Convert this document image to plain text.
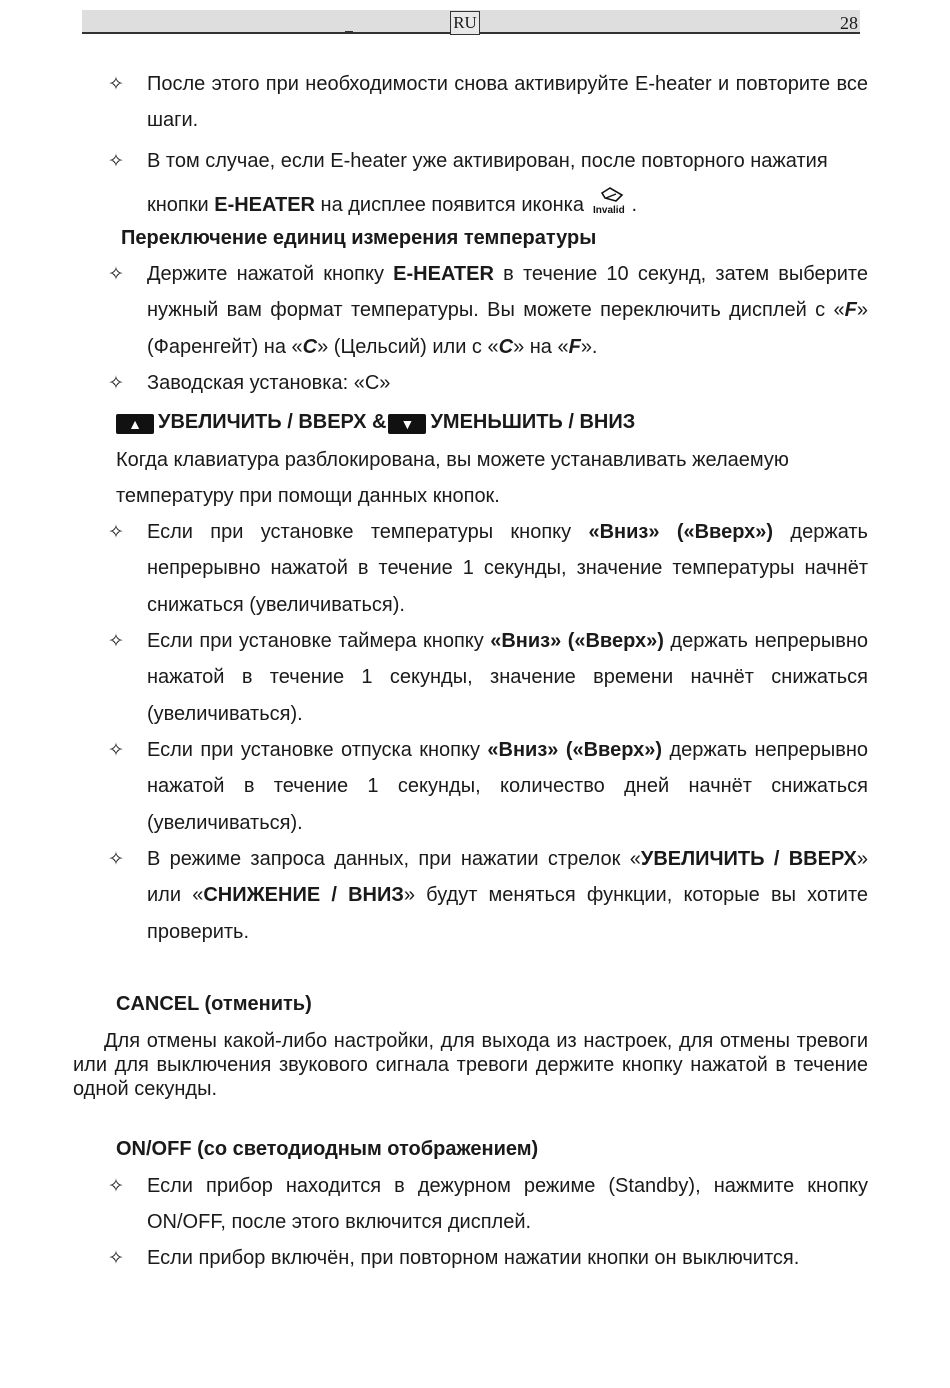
RU	28
✧ После этого при необходимости снова активируйте E-heater и повторите все шаги.
✧ В том случае, если E-heater уже активирован, после повторного нажатия кнопки E-HEATER на дисплее появится иконка Invalid .
Переключение единиц измерения температуры
✧ Держите нажатой кнопку E-HEATER в течение 10 секунд, затем выберите нужный вам формат температуры. Вы можете переключить дисплей с «F» (Фаренгейт) на «C» (Цельсий) или с «C» на «F».
✧ Заводская установка: «С»
▲ УВЕЛИЧИТЬ / ВВЕРХ & ▼ УМЕНЬШИТЬ / ВНИЗ
Когда клавиатура разблокирована, вы можете устанавливать желаемую температуру при помощи данных кнопок.
✧ Если при установке температуры кнопку «Вниз» («Вверх») держать непрерывно нажатой в течение 1 секунды, значение температуры начнёт снижаться (увеличиваться).
✧ Если при установке таймера кнопку «Вниз» («Вверх») держать непрерывно нажатой в течение 1 секунды, значение времени начнёт снижаться (увеличиваться).
✧ Если при установке отпуска кнопку «Вниз» («Вверх») держать непрерывно нажатой в течение 1 секунды, количество дней начнёт снижаться (увеличиваться).
✧ В режиме запроса данных, при нажатии стрелок «УВЕЛИЧИТЬ / ВВЕРХ» или «СНИЖЕНИЕ / ВНИЗ» будут меняться функции, которые вы хотите проверить.
CANCEL (отменить)
Для отмены какой-либо настройки, для выхода из настроек, для отмены тревоги или для выключения звукового сигнала тревоги держите кнопку нажатой в течение одной секунды.
ON/OFF (со светодиодным отображением)
✧ Если прибор находится в дежурном режиме (Standby), нажмите кнопку ON/OFF, после этого включится дисплей.
✧ Если прибор включён, при повторном нажатии кнопки он выключится.
